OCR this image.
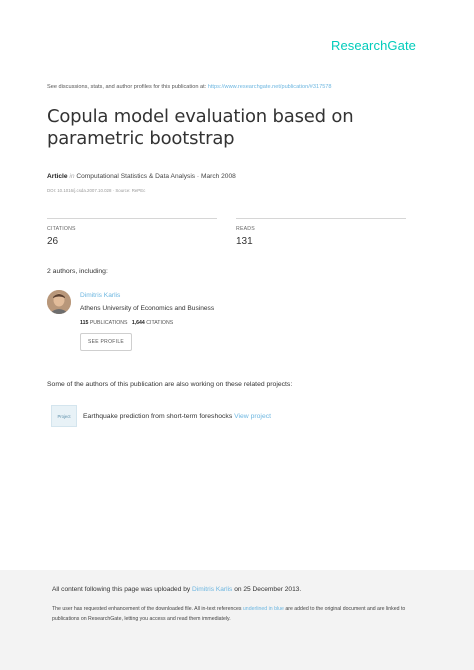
ResearchGate
See discussions, stats, and author profiles for this publication at: https://www.researchgate.net/publication/#317578
Copula model evaluation based on parametric bootstrap
Article in Computational Statistics & Data Analysis · March 2008
DOI: 10.1016/j.csda.2007.10.028 · Source: RePEc
CITATIONS
26
READS
131
2 authors, including:
Dimitris Karlis
Athens University of Economics and Business
115 PUBLICATIONS 1,644 CITATIONS
SEE PROFILE
Some of the authors of this publication are also working on these related projects:
Project	Earthquake prediction from short-term foreshocks View project
All content following this page was uploaded by Dimitris Karlis on 25 December 2013.
The user has requested enhancement of the downloaded file. All in-text references underlined in blue are added to the original document and are linked to publications on ResearchGate, letting you access and read them immediately.
